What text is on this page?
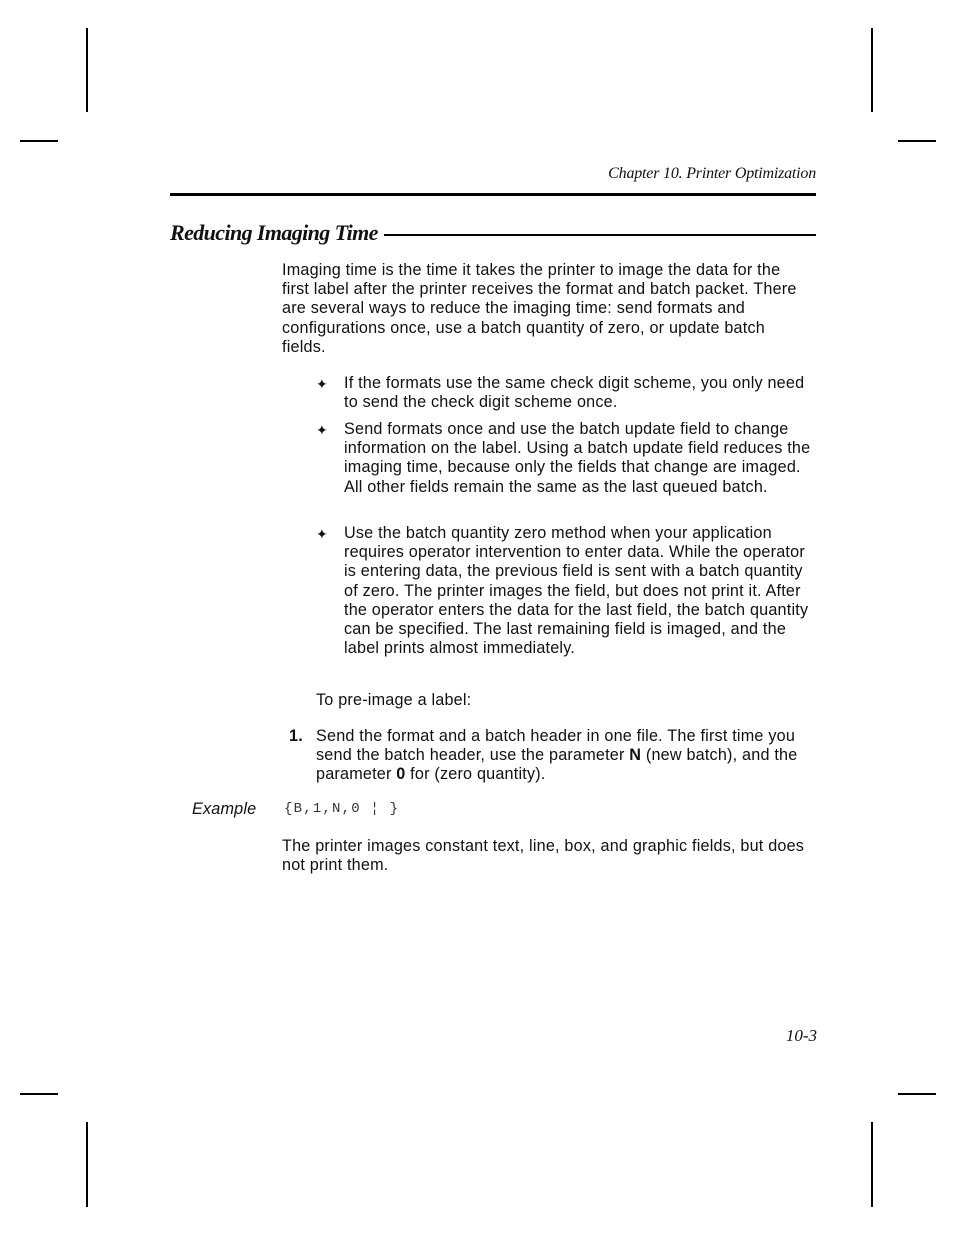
Chapter 10. Printer Optimization
Reducing Imaging Time
Imaging time is the time it takes the printer to image the data for the first label after the printer receives the format and batch packet. There are several ways to reduce the imaging time: send formats and configurations once, use a batch quantity of zero, or update batch fields.
✦ If the formats use the same check digit scheme, you only need to send the check digit scheme once.
✦ Send formats once and use the batch update field to change information on the label. Using a batch update field reduces the imaging time, because only the fields that change are imaged. All other fields remain the same as the last queued batch.
✦ Use the batch quantity zero method when your application requires operator intervention to enter data. While the operator is entering data, the previous field is sent with a batch quantity of zero. The printer images the field, but does not print it. After the operator enters the data for the last field, the batch quantity can be specified. The last remaining field is imaged, and the label prints almost immediately.
To pre-image a label:
1. Send the format and a batch header in one file. The first time you send the batch header, use the parameter N (new batch), and the parameter 0 for (zero quantity).
Example {B,1,N,0 ¦ }
The printer images constant text, line, box, and graphic fields, but does not print them.
10-3
